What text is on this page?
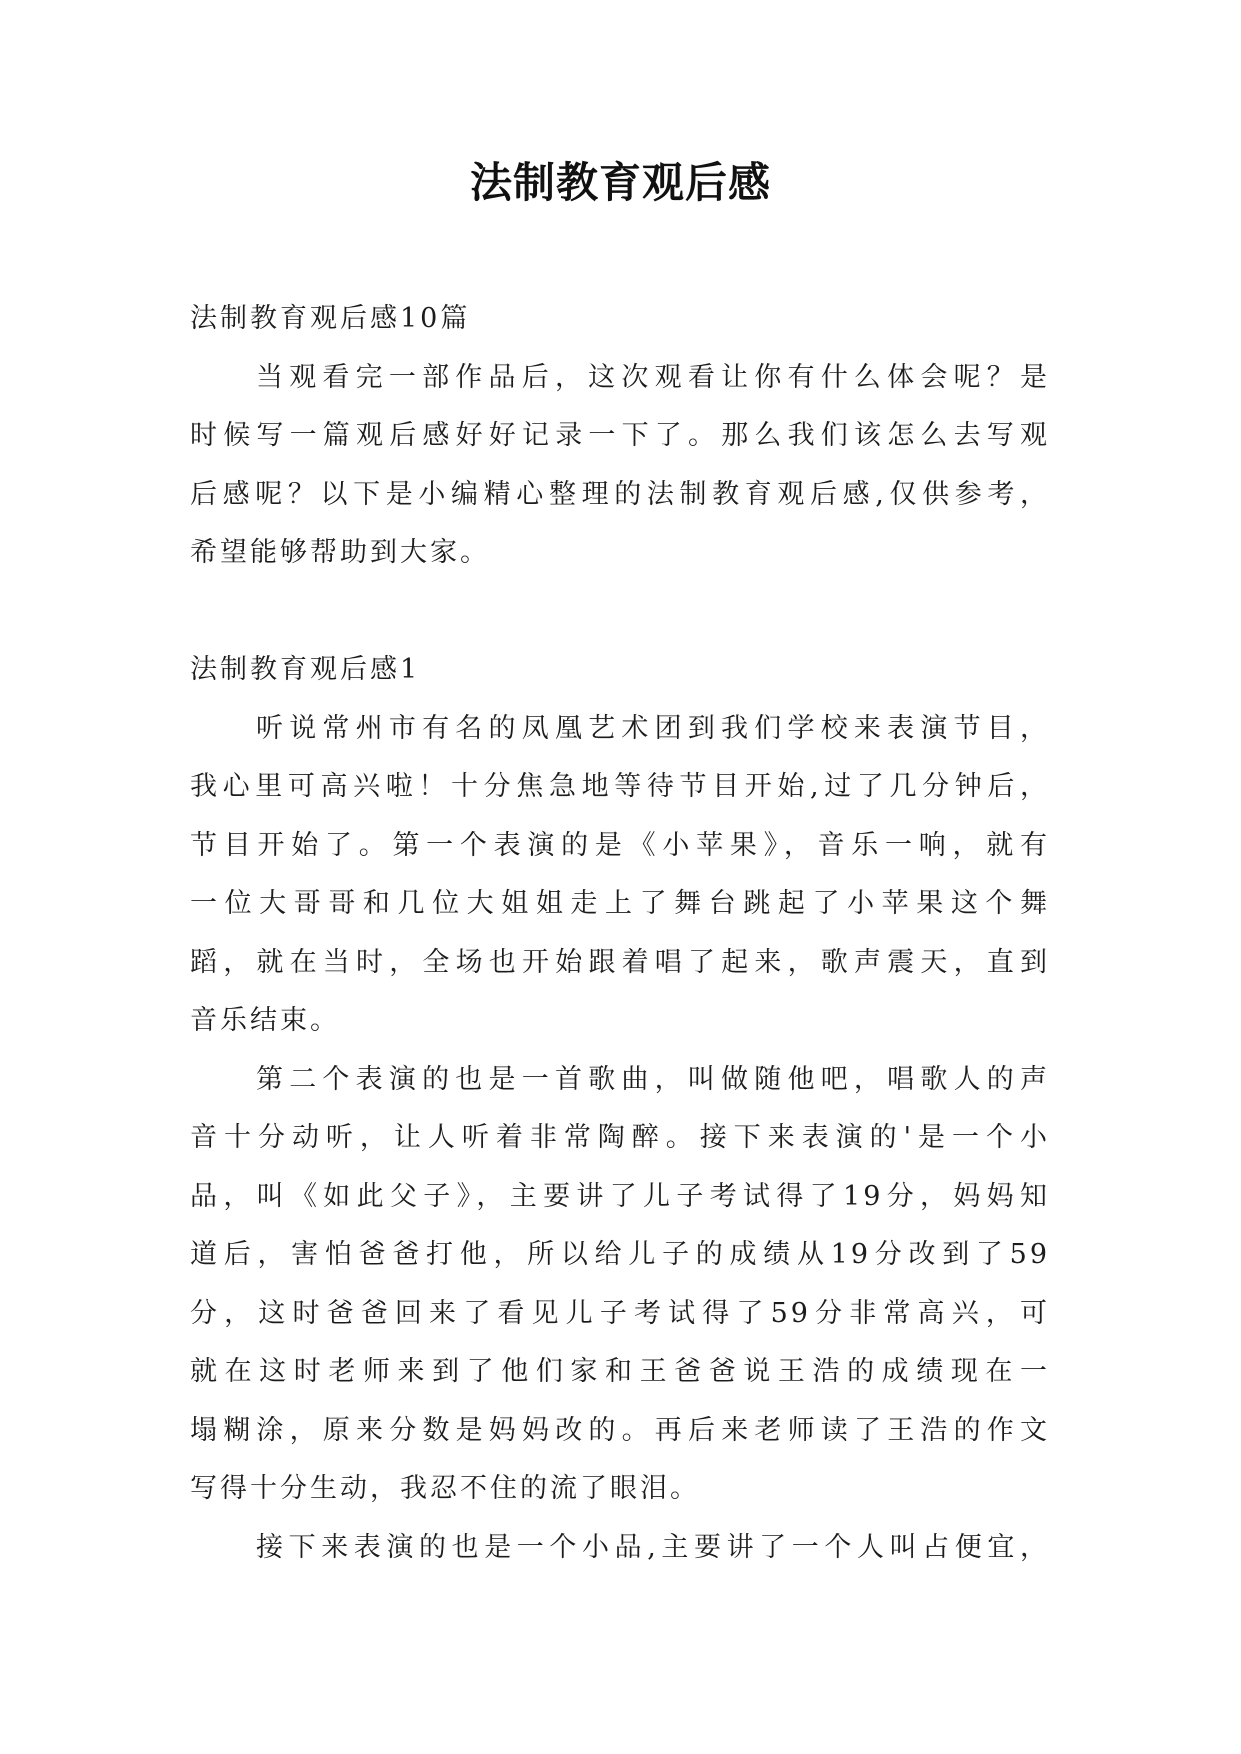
法制教育观后感
法制教育观后感10篇
当观看完一部作品后，这次观看让你有什么体会呢？是
时候写一篇观后感好好记录一下了。那么我们该怎么去写观
后感呢？以下是小编精心整理的法制教育观后感,仅供参考，
希望能够帮助到大家。
法制教育观后感1
听说常州市有名的凤凰艺术团到我们学校来表演节目，
我心里可高兴啦！十分焦急地等待节目开始,过了几分钟后，
节目开始了。第一个表演的是《小苹果》，音乐一响，就有
一位大哥哥和几位大姐姐走上了舞台跳起了小苹果这个舞
蹈，就在当时，全场也开始跟着唱了起来，歌声震天，直到
音乐结束。
第二个表演的也是一首歌曲，叫做随他吧，唱歌人的声
音十分动听，让人听着非常陶醉。接下来表演的'是一个小
品，叫《如此父子》，主要讲了儿子考试得了19分，妈妈知
道后，害怕爸爸打他，所以给儿子的成绩从19分改到了59
分，这时爸爸回来了看见儿子考试得了59分非常高兴，可
就在这时老师来到了他们家和王爸爸说王浩的成绩现在一
塌糊涂，原来分数是妈妈改的。再后来老师读了王浩的作文
写得十分生动，我忍不住的流了眼泪。
接下来表演的也是一个小品,主要讲了一个人叫占便宜，
